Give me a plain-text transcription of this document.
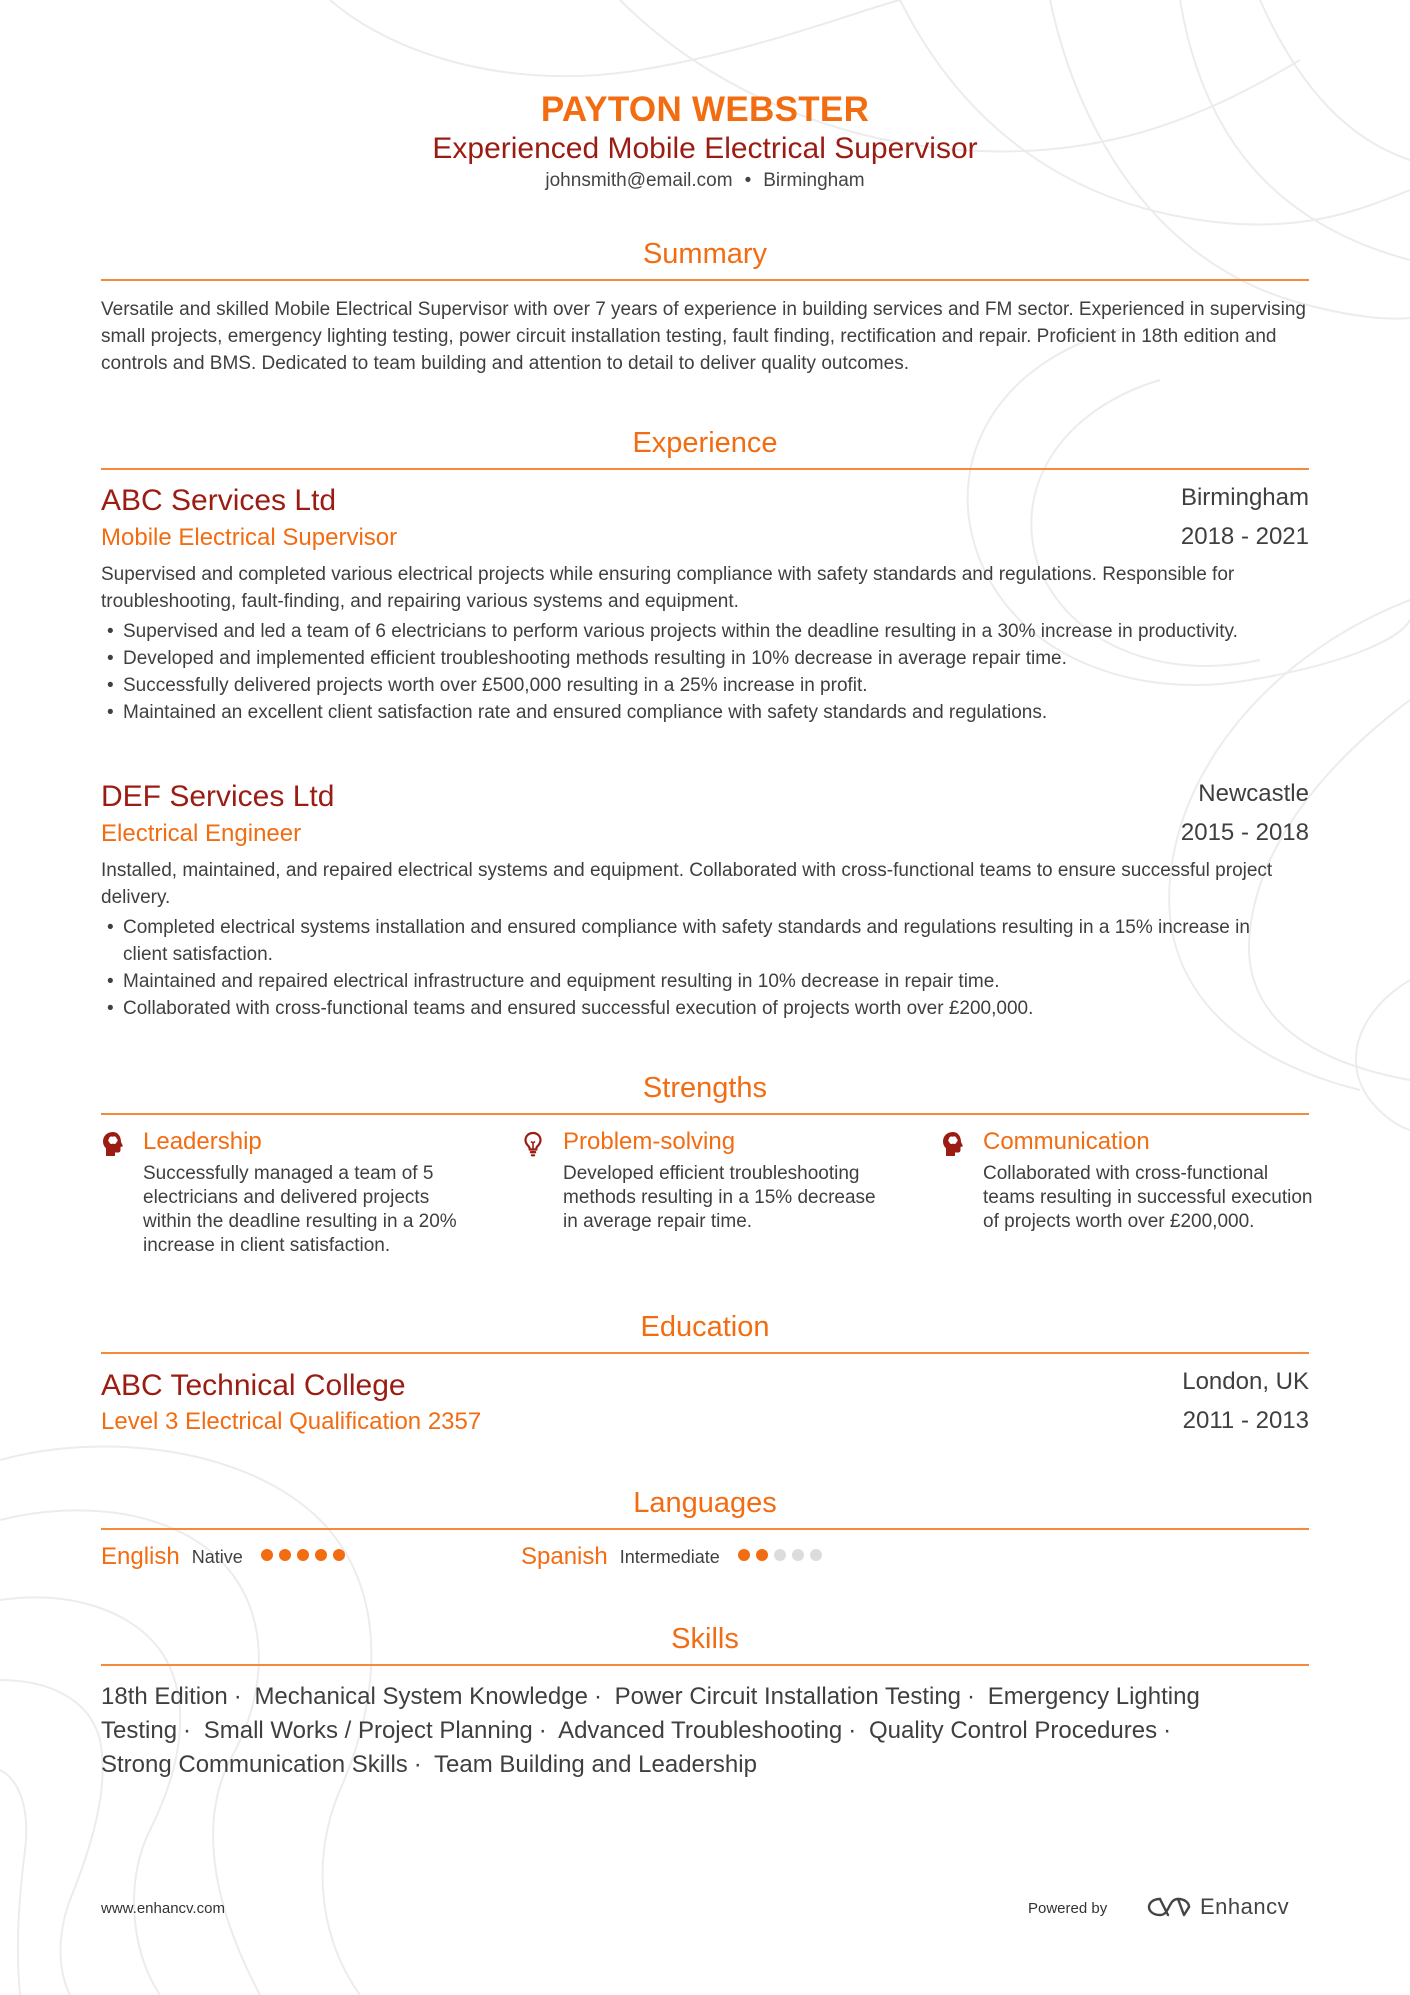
PAYTON WEBSTER
Experienced Mobile Electrical Supervisor
johnsmith@email.com • Birmingham
Summary
Versatile and skilled Mobile Electrical Supervisor with over 7 years of experience in building services and FM sector. Experienced in supervising small projects, emergency lighting testing, power circuit installation testing, fault finding, rectification and repair. Proficient in 18th edition and controls and BMS. Dedicated to team building and attention to detail to deliver quality outcomes.
Experience
ABC Services Ltd
Mobile Electrical Supervisor
Birmingham
2018 - 2021
Supervised and completed various electrical projects while ensuring compliance with safety standards and regulations. Responsible for troubleshooting, fault-finding, and repairing various systems and equipment.
• Supervised and led a team of 6 electricians to perform various projects within the deadline resulting in a 30% increase in productivity.
• Developed and implemented efficient troubleshooting methods resulting in 10% decrease in average repair time.
• Successfully delivered projects worth over £500,000 resulting in a 25% increase in profit.
• Maintained an excellent client satisfaction rate and ensured compliance with safety standards and regulations.
DEF Services Ltd
Electrical Engineer
Newcastle
2015 - 2018
Installed, maintained, and repaired electrical systems and equipment. Collaborated with cross-functional teams to ensure successful project delivery.
• Completed electrical systems installation and ensured compliance with safety standards and regulations resulting in a 15% increase in client satisfaction.
• Maintained and repaired electrical infrastructure and equipment resulting in 10% decrease in repair time.
• Collaborated with cross-functional teams and ensured successful execution of projects worth over £200,000.
Strengths
Leadership
Successfully managed a team of 5 electricians and delivered projects within the deadline resulting in a 20% increase in client satisfaction.
Problem-solving
Developed efficient troubleshooting methods resulting in a 15% decrease in average repair time.
Communication
Collaborated with cross-functional teams resulting in successful execution of projects worth over £200,000.
Education
ABC Technical College
Level 3 Electrical Qualification 2357
London, UK
2011 - 2013
Languages
English Native	Spanish Intermediate
Skills
18th Edition · Mechanical System Knowledge · Power Circuit Installation Testing · Emergency Lighting Testing · Small Works / Project Planning · Advanced Troubleshooting · Quality Control Procedures · Strong Communication Skills · Team Building and Leadership
www.enhancv.com	Powered by	Enhancv
